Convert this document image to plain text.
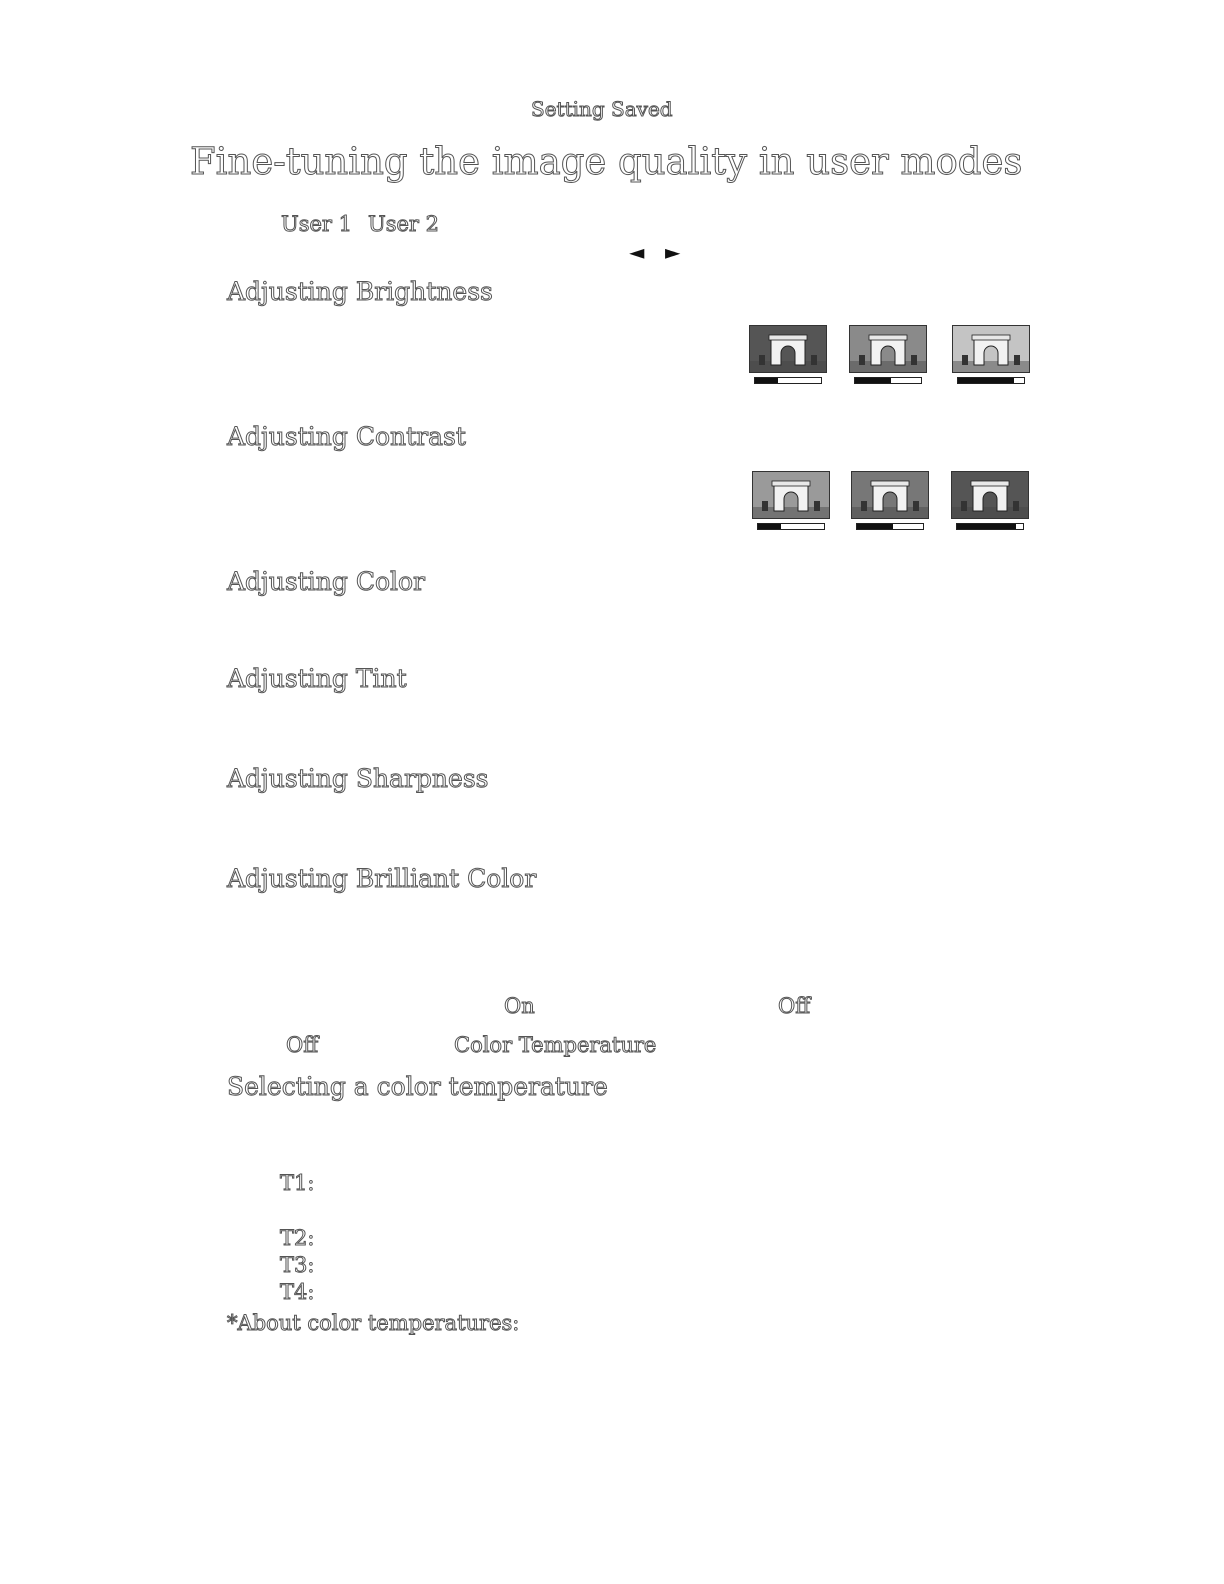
Setting Saved
Fine-tuning the image quality in user modes
User 1 User 2
◄ ►
Adjusting Brightness
Adjusting Contrast
Adjusting Color
Adjusting Tint
Adjusting Sharpness
Adjusting Brilliant Color
On	Off
Off	Color Temperature
Selecting a color temperature
T1:
T2:
T3:
T4:
*About color temperatures:
